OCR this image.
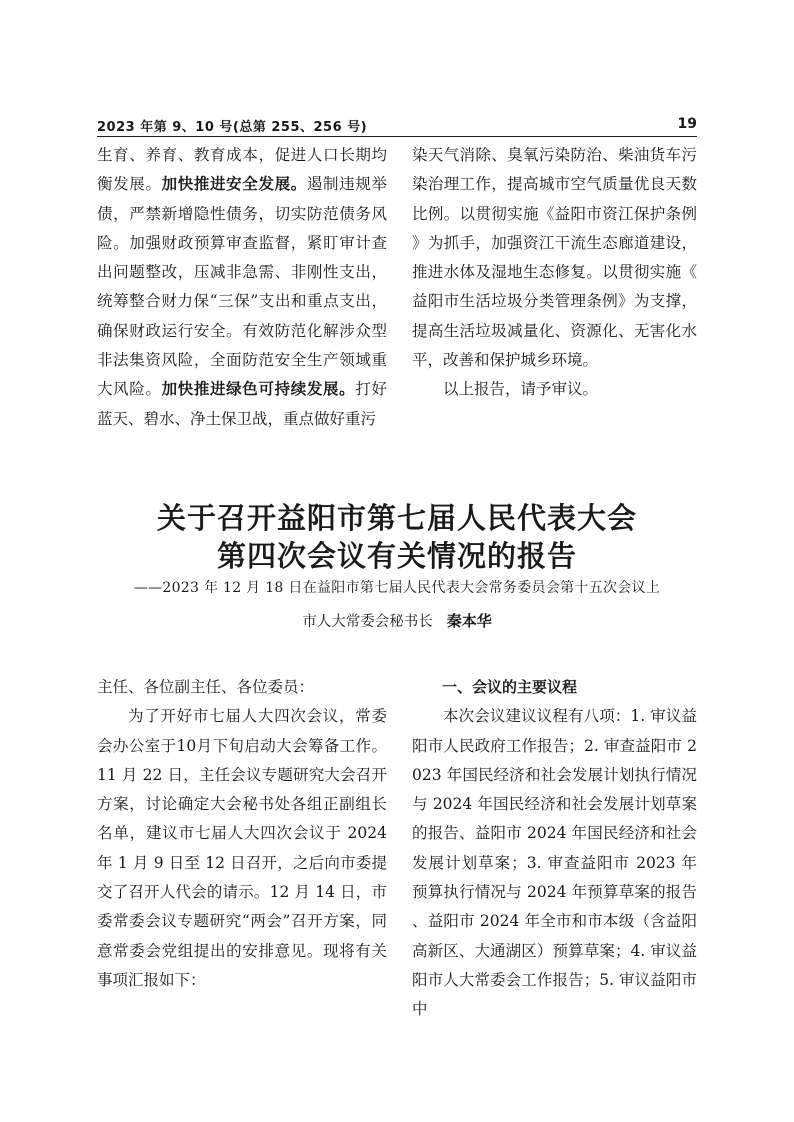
2023 年第 9、10 号(总第 255、256 号)	19

生育、养育、教育成本，促进人口长期均衡发展。加快推进安全发展。遏制违规举债，严禁新增隐性债务，切实防范债务风险。加强财政预算审查监督，紧盯审计查出问题整改，压减非急需、非刚性支出，统筹整合财力保“三保”支出和重点支出，确保财政运行安全。有效防范化解涉众型非法集资风险，全面防范安全生产领域重大风险。加快推进绿色可持续发展。打好蓝天、碧水、净土保卫战，重点做好重污

染天气消除、臭氧污染防治、柴油货车污染治理工作，提高城市空气质量优良天数比例。以贯彻实施《益阳市资江保护条例》为抓手，加强资江干流生态廊道建设，推进水体及湿地生态修复。以贯彻实施《益阳市生活垃圾分类管理条例》为支撑，提高生活垃圾减量化、资源化、无害化水平，改善和保护城乡环境。

以上报告，请予审议。

关于召开益阳市第七届人民代表大会
第四次会议有关情况的报告
——2023 年 12 月 18 日在益阳市第七届人民代表大会常务委员会第十五次会议上
市人大常委会秘书长 秦本华

主任、各位副主任、各位委员：

为了开好市七届人大四次会议，常委会办公室于10月下旬启动大会筹备工作。11 月 22 日，主任会议专题研究大会召开方案，讨论确定大会秘书处各组正副组长名单，建议市七届人大四次会议于 2024 年 1 月 9 日至 12 日召开，之后向市委提交了召开人代会的请示。12 月 14 日，市委常委会议专题研究“两会”召开方案，同意常委会党组提出的安排意见。现将有关事项汇报如下：

一、会议的主要议程

本次会议建议议程有八项：1. 审议益阳市人民政府工作报告；2. 审查益阳市 2023 年国民经济和社会发展计划执行情况与 2024 年国民经济和社会发展计划草案的报告、益阳市 2024 年国民经济和社会发展计划草案；3. 审查益阳市 2023 年预算执行情况与 2024 年预算草案的报告、益阳市 2024 年全市和市本级（含益阳高新区、大通湖区）预算草案；4. 审议益阳市人大常委会工作报告；5. 审议益阳市中
